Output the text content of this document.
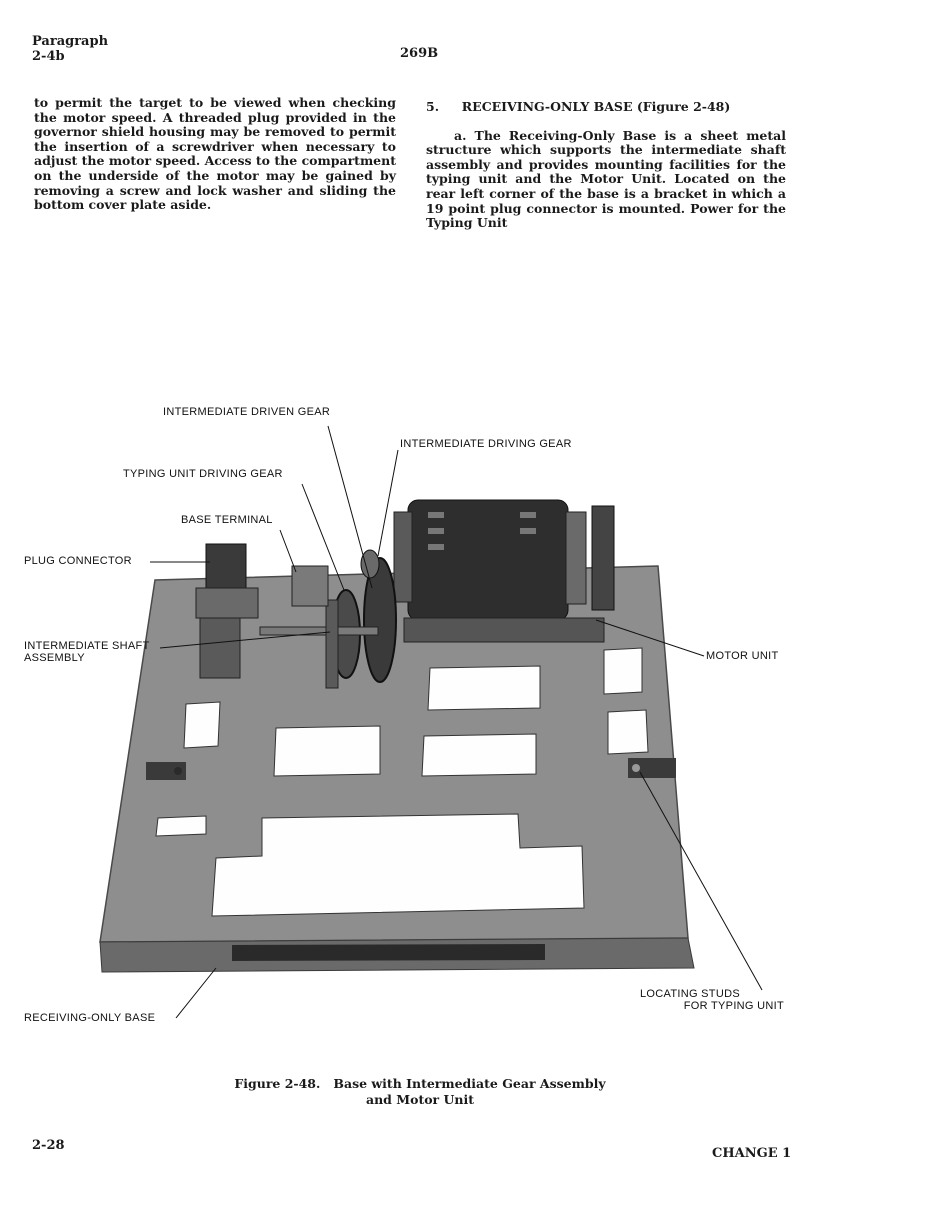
Paragraph
2-4b	269B
to permit the target to be viewed when checking the motor speed. A threaded plug provided in the governor shield housing may be removed to permit the insertion of a screwdriver when necessary to adjust the motor speed. Access to the compartment on the underside of the motor may be gained by removing a screw and lock washer and sliding the bottom cover plate aside.
5. RECEIVING-ONLY BASE (Figure 2-48)
a. The Receiving-Only Base is a sheet metal structure which supports the intermediate shaft assembly and provides mounting facilities for the typing unit and the Motor Unit. Located on the rear left corner of the base is a bracket in which a 19 point plug connector is mounted. Power for the Typing Unit
INTERMEDIATE DRIVEN GEAR
INTERMEDIATE DRIVING GEAR
TYPING UNIT DRIVING GEAR
BASE TERMINAL
PLUG CONNECTOR
INTERMEDIATE SHAFT
ASSEMBLY	MOTOR UNIT
LOCATING STUDS
FOR TYPING UNIT
RECEIVING-ONLY BASE
Figure 2-48.   Base with Intermediate Gear Assembly
and Motor Unit
2-28
CHANGE 1
